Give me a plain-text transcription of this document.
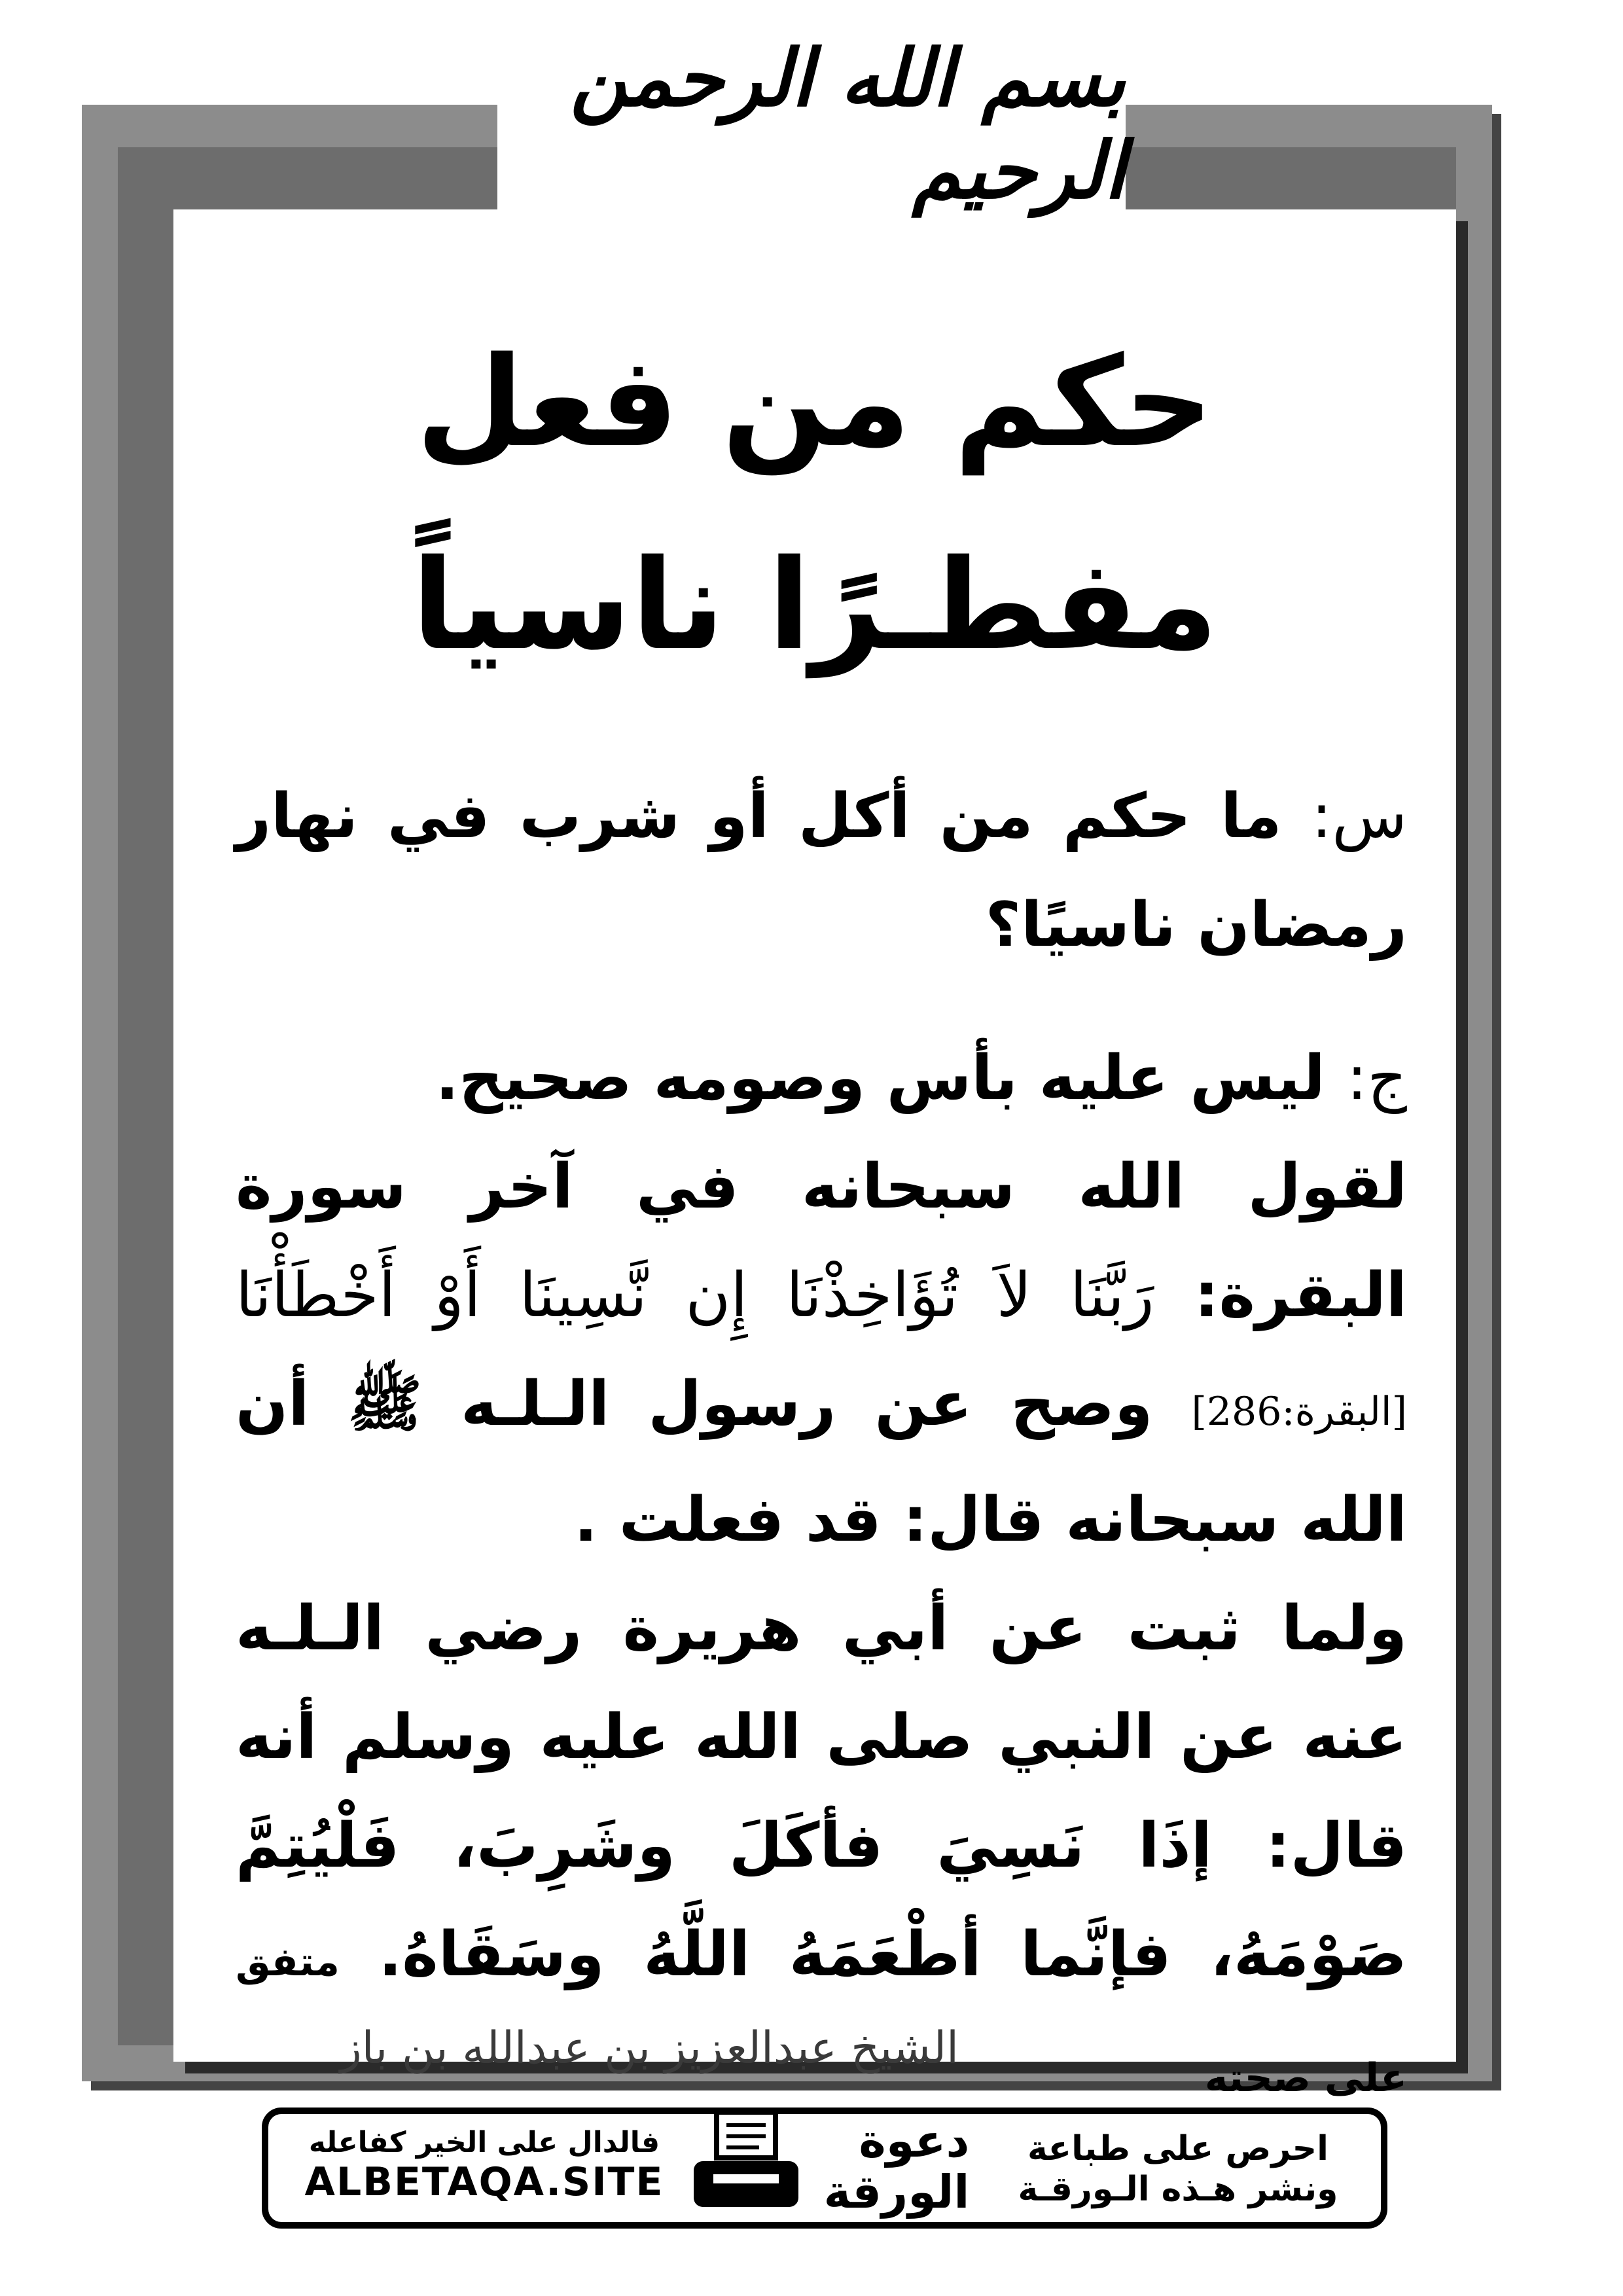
بسم الله الرحمن الرحيم
حكم من فعل
مفطـرًا ناسياً
س: ما حكم من أكل أو شرب في نهار رمضان ناسيًا؟
ج: ليس عليه بأس وصومه صحيح.
لقول الله سبحانه في آخر سورة البقرة: رَبَّنَا لاَ تُؤَاخِذْنَا إِن نَّسِينَا أَوْ أَخْطَأْنَا [البقرة:286] وصح عن رسول الـلـه ﷺ أن الله سبحانه قال: قد فعلت .
ولما ثبت عن أبي هريرة رضي الـلـه عنه عن النبي صلى الله عليه وسلم أنه قال: إذَا نَسِيَ فأكَلَ وشَرِبَ، فَلْيُتِمَّ صَوْمَهُ، فإنَّما أطْعَمَهُ اللَّهُ وسَقَاهُ. متفق على صحته
الشيخ عبدالعزيز بن عبدالله بن باز
فالدال على الخير كفاعله
ALBETAQA.SITE
دعوة الورقة
احرص على طباعة
ونشر هـذه الـورقـة
